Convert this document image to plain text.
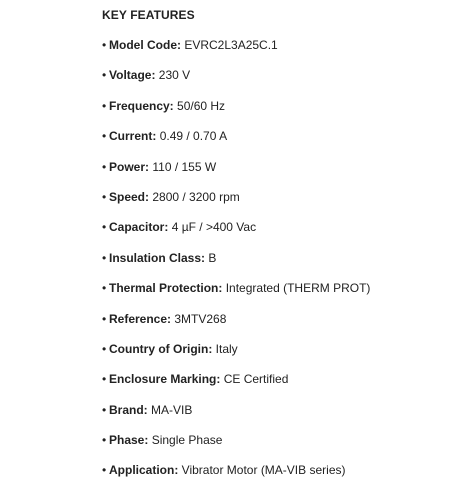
KEY FEATURES
• Model Code: EVRC2L3A25C.1
• Voltage: 230 V
• Frequency: 50/60 Hz
• Current: 0.49 / 0.70 A
• Power: 110 / 155 W
• Speed: 2800 / 3200 rpm
• Capacitor: 4 µF / >400 Vac
• Insulation Class: B
• Thermal Protection: Integrated (THERM PROT)
• Reference: 3MTV268
• Country of Origin: Italy
• Enclosure Marking: CE Certified
• Brand: MA-VIB
• Phase: Single Phase
• Application: Vibrator Motor (MA-VIB series)
